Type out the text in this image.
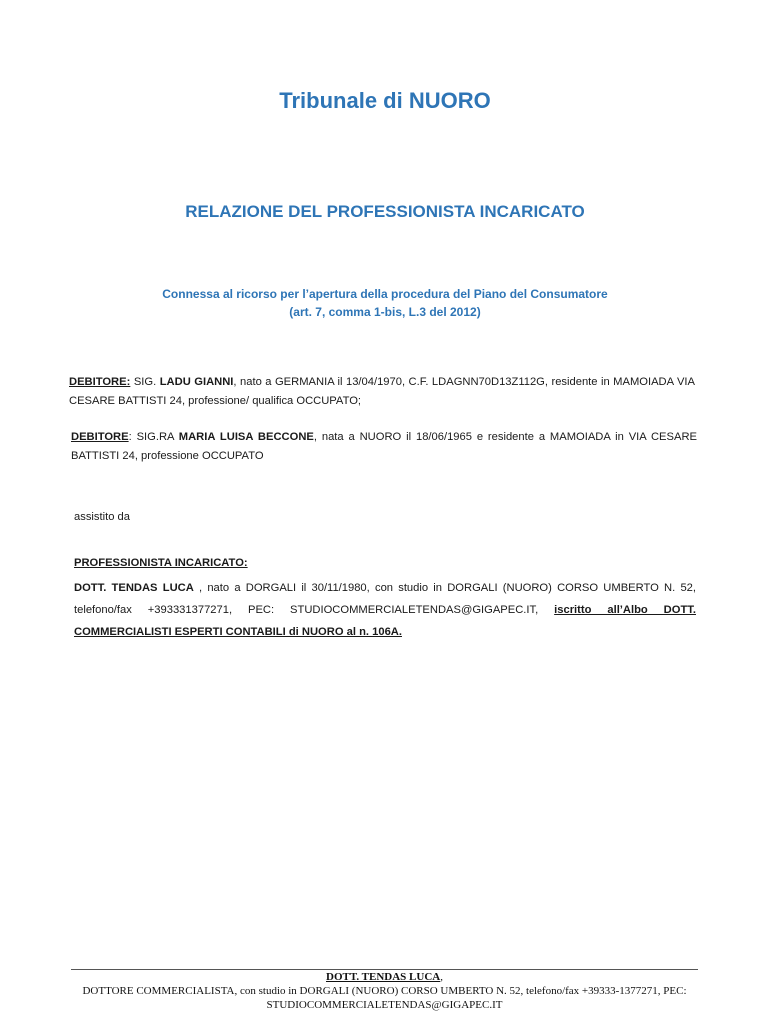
Tribunale di NUORO
RELAZIONE DEL PROFESSIONISTA INCARICATO
Connessa al ricorso per l’apertura della procedura del Piano del Consumatore
(art. 7, comma 1-bis, L.3 del 2012)
DEBITORE: SIG. LADU GIANNI, nato a GERMANIA il 13/04/1970, C.F. LDAGNN70D13Z112G, residente in MAMOIADA VIA CESARE BATTISTI 24, professione/ qualifica OCCUPATO;
DEBITORE: SIG.RA MARIA LUISA BECCONE, nata a NUORO il 18/06/1965 e residente a MAMOIADA in VIA CESARE BATTISTI 24, professione OCCUPATO
assistito da
PROFESSIONISTA INCARICATO:
DOTT. TENDAS LUCA , nato a DORGALI il 30/11/1980, con studio in DORGALI (NUORO) CORSO UMBERTO N. 52, telefono/fax +393331377271, PEC: STUDIOCOMMERCIALETENDAS@GIGAPEC.IT, iscritto all’Albo DOTT. COMMERCIALISTI ESPERTI CONTABILI di NUORO al n. 106A.
DOTT. TENDAS LUCA,
DOTTORE COMMERCIALISTA, con studio in DORGALI (NUORO) CORSO UMBERTO N. 52, telefono/fax +39333-1377271, PEC: STUDIOCOMMERCIALETENDAS@GIGAPEC.IT
